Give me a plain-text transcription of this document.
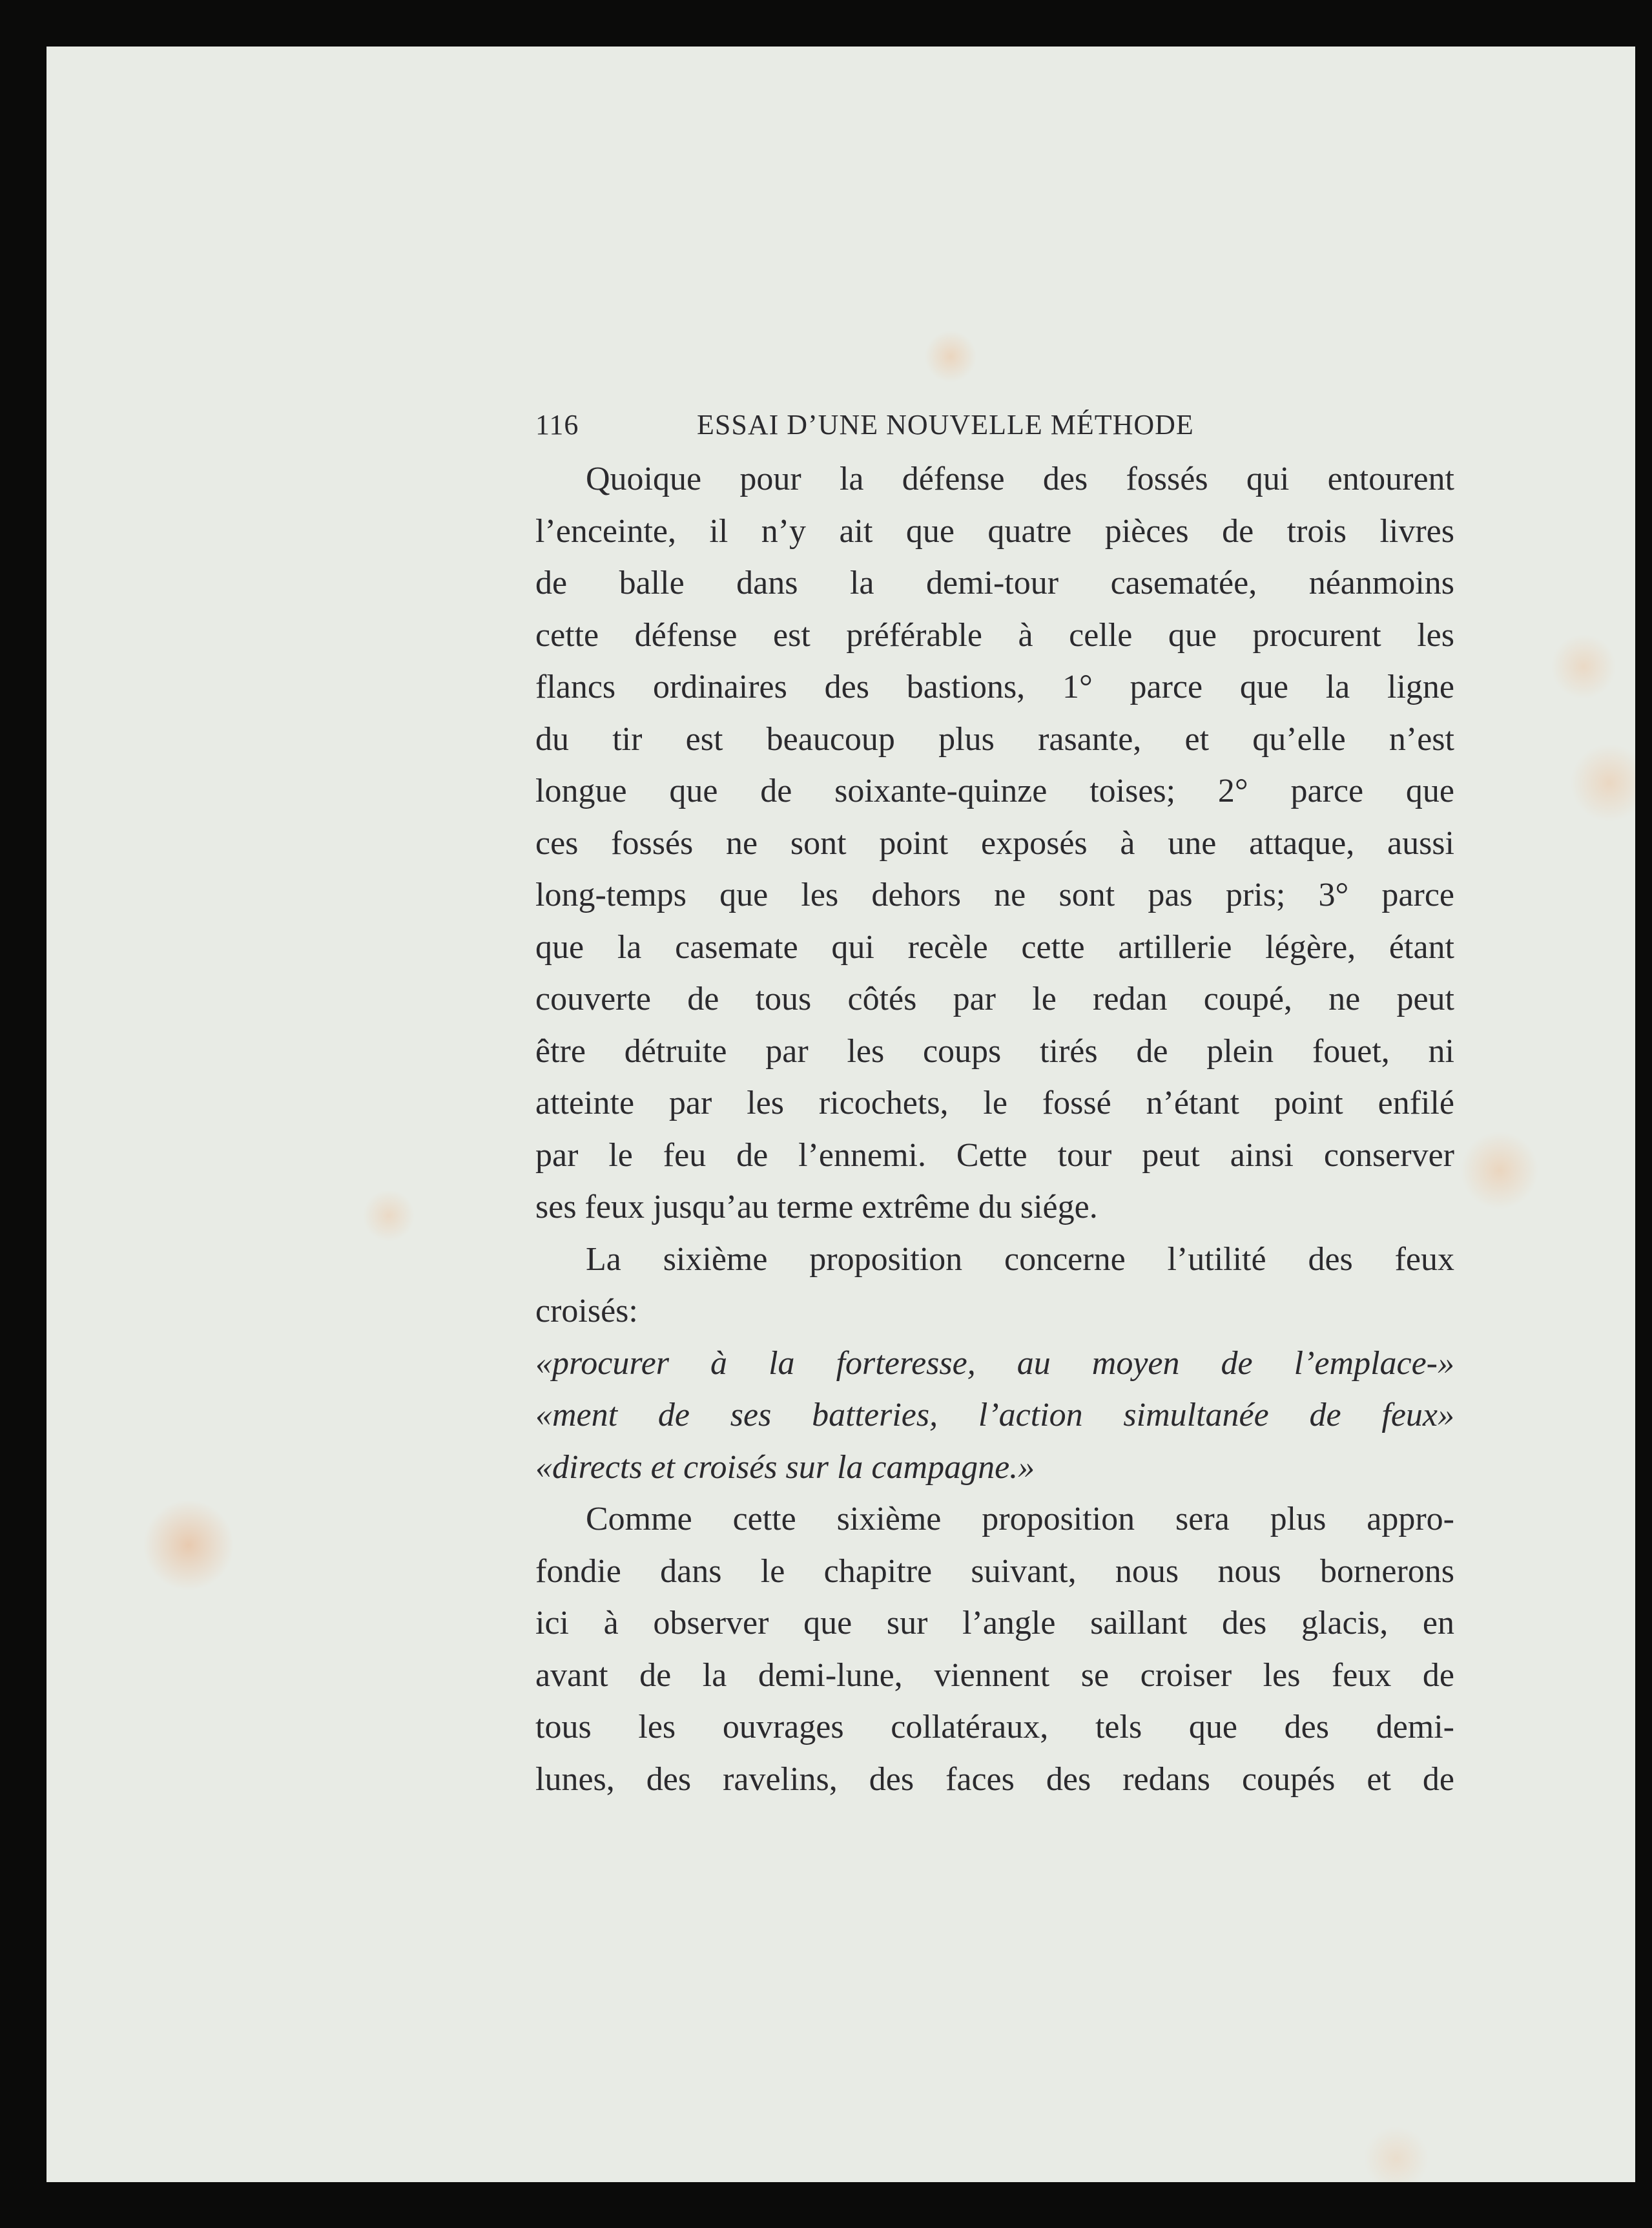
116	ESSAI D’UNE NOUVELLE MÉTHODE
Quoique pour la défense des fossés qui entourent
l’enceinte, il n’y ait que quatre pièces de trois livres
de balle dans la demi-tour casematée, néanmoins
cette défense est préférable à celle que procurent les
flancs ordinaires des bastions, 1° parce que la ligne
du tir est beaucoup plus rasante, et qu’elle n’est
longue que de soixante-quinze toises; 2° parce que
ces fossés ne sont point exposés à une attaque, aussi
long-temps que les dehors ne sont pas pris; 3° parce
que la casemate qui recèle cette artillerie légère, étant
couverte de tous côtés par le redan coupé, ne peut
être détruite par les coups tirés de plein fouet, ni
atteinte par les ricochets, le fossé n’étant point enfilé
par le feu de l’ennemi. Cette tour peut ainsi conserver
ses feux jusqu’au terme extrême du siége.
La sixième proposition concerne l’utilité des feux
croisés:
«procurer à la forteresse, au moyen de l’emplace-»
«ment de ses batteries, l’action simultanée de feux»
«directs et croisés sur la campagne.»
Comme cette sixième proposition sera plus appro-
fondie dans le chapitre suivant, nous nous bornerons
ici à observer que sur l’angle saillant des glacis, en
avant de la demi-lune, viennent se croiser les feux de
tous les ouvrages collatéraux, tels que des demi-
lunes, des ravelins, des faces des redans coupés et de
